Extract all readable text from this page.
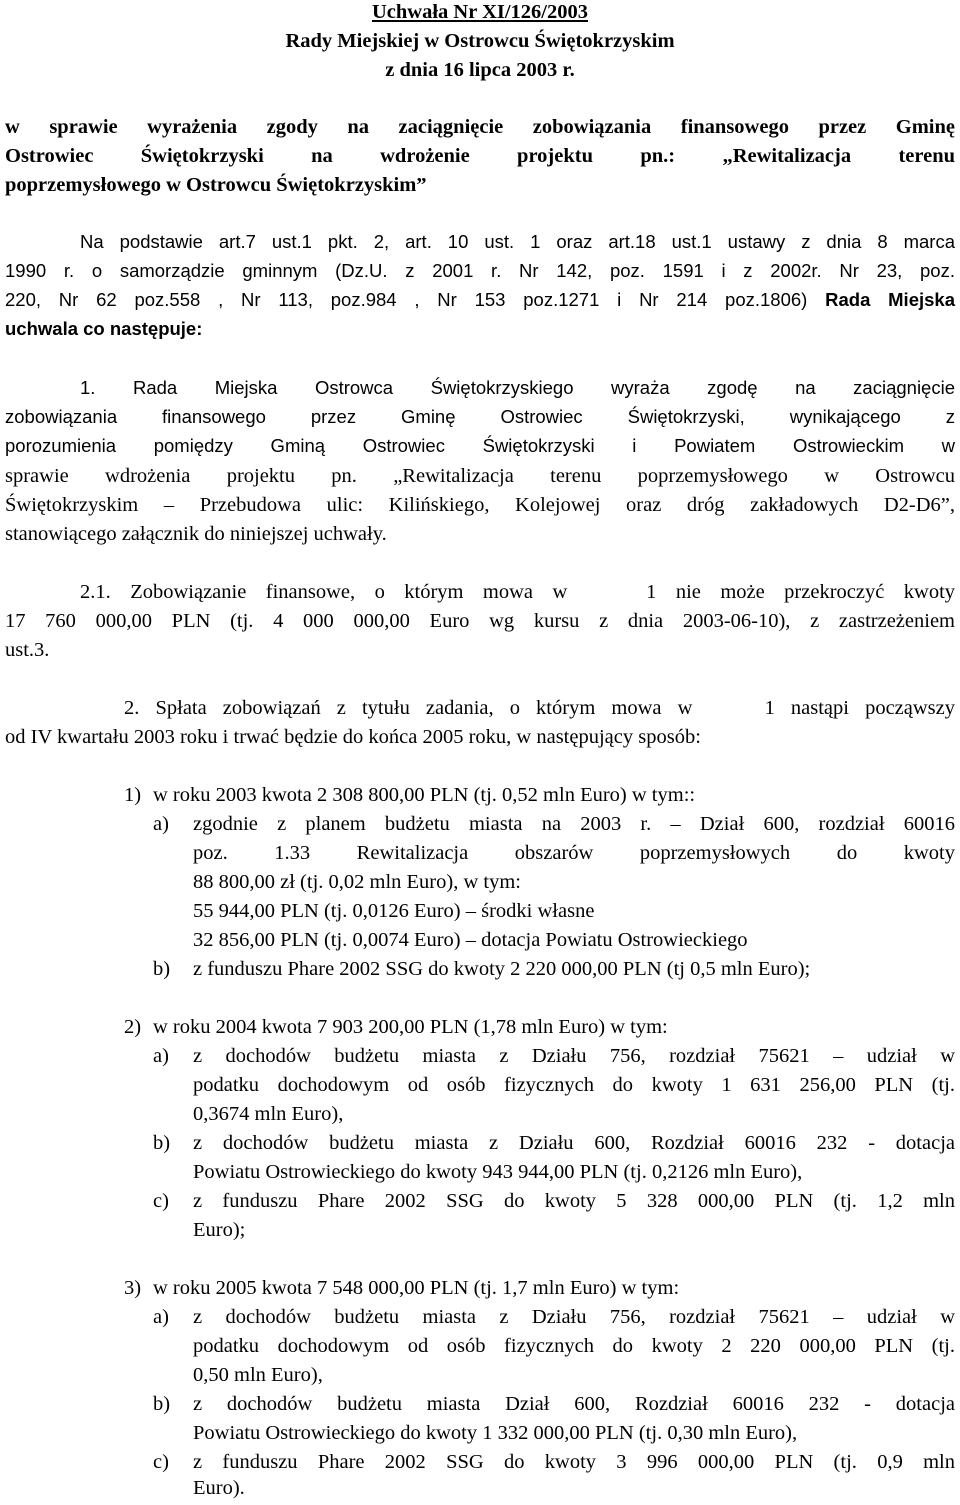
Uchwała Nr XI/126/2003
Rady Miejskiej w Ostrowcu Świętokrzyskim
z dnia 16 lipca 2003 r.
w sprawie wyrażenia zgody na zaciągnięcie zobowiązania finansowego przez Gminę
Ostrowiec Świętokrzyski na wdrożenie projektu pn.: „Rewitalizacja terenu
poprzemysłowego w Ostrowcu Świętokrzyskim”
Na podstawie art.7 ust.1 pkt. 2, art. 10 ust. 1 oraz art.18 ust.1 ustawy z dnia 8 marca
1990 r. o samorządzie gminnym (Dz.U. z 2001 r. Nr 142, poz. 1591 i z 2002r. Nr 23, poz.
220, Nr 62 poz.558 , Nr 113, poz.984 , Nr 153 poz.1271 i Nr 214 poz.1806) Rada Miejska
uchwala co następuje:
1. Rada Miejska Ostrowca Świętokrzyskiego wyraża zgodę na zaciągnięcie
zobowiązania finansowego przez Gminę Ostrowiec Świętokrzyski, wynikającego z
porozumienia pomiędzy Gminą Ostrowiec Świętokrzyski i Powiatem Ostrowieckim w
sprawie wdrożenia projektu pn. „Rewitalizacja terenu poprzemysłowego w Ostrowcu
Świętokrzyskim – Przebudowa ulic: Kilińskiego, Kolejowej oraz dróg zakładowych D2-D6”,
stanowiącego załącznik do niniejszej uchwały.
2.1. Zobowiązanie finansowe, o którym mowa w	1 nie może przekroczyć kwoty
17 760 000,00 PLN (tj. 4 000 000,00 Euro wg kursu z dnia 2003-06-10), z zastrzeżeniem
ust.3.
2. Spłata zobowiązań z tytułu zadania, o którym mowa w	1 nastąpi począwszy
od IV kwartału 2003 roku i trwać będzie do końca 2005 roku, w następujący sposób:
1) w roku 2003 kwota 2 308 800,00 PLN (tj. 0,52 mln Euro) w tym::
a) zgodnie z planem budżetu miasta na 2003 r. – Dział 600, rozdział 60016
poz. 1.33 Rewitalizacja obszarów poprzemysłowych do kwoty
88 800,00 zł (tj. 0,02 mln Euro), w tym:
55 944,00 PLN (tj. 0,0126 Euro) – środki własne
32 856,00 PLN (tj. 0,0074 Euro) – dotacja Powiatu Ostrowieckiego
b) z funduszu Phare 2002 SSG do kwoty 2 220 000,00 PLN (tj 0,5 mln Euro);
2) w roku 2004 kwota 7 903 200,00 PLN (1,78 mln Euro) w tym:
a) z dochodów budżetu miasta z Działu 756, rozdział 75621 – udział w
podatku dochodowym od osób fizycznych do kwoty 1 631 256,00 PLN (tj.
0,3674 mln Euro),
b) z dochodów budżetu miasta z Działu 600, Rozdział 60016 232 - dotacja
Powiatu Ostrowieckiego do kwoty 943 944,00 PLN (tj. 0,2126 mln Euro),
c) z funduszu Phare 2002 SSG do kwoty 5 328 000,00 PLN (tj. 1,2 mln
Euro);
3) w roku 2005 kwota 7 548 000,00 PLN (tj. 1,7 mln Euro) w tym:
a) z dochodów budżetu miasta z Działu 756, rozdział 75621 – udział w
podatku dochodowym od osób fizycznych do kwoty 2 220 000,00 PLN (tj.
0,50 mln Euro),
b) z dochodów budżetu miasta Dział 600, Rozdział 60016 232 - dotacja
Powiatu Ostrowieckiego do kwoty 1 332 000,00 PLN (tj. 0,30 mln Euro),
c) z funduszu Phare 2002 SSG do kwoty 3 996 000,00 PLN (tj. 0,9 mln
Euro).
